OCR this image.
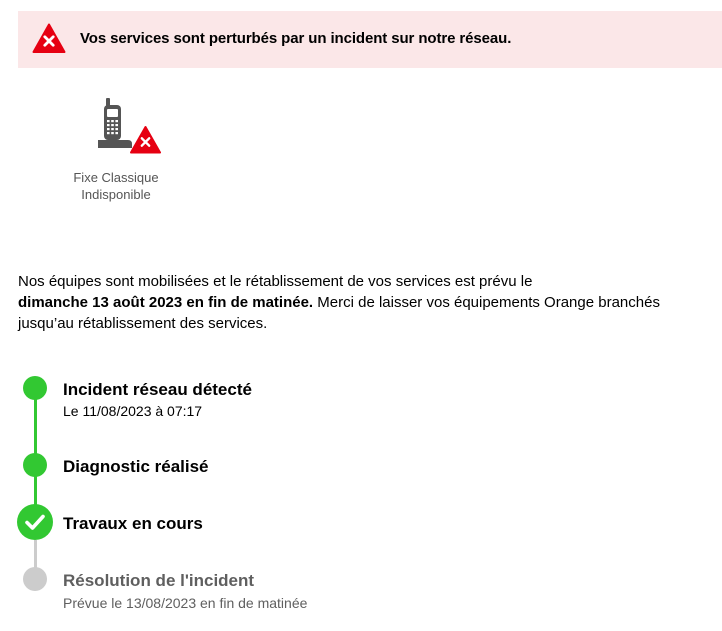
Vos services sont perturbés par un incident sur notre réseau.
Fixe Classique
Indisponible
Nos équipes sont mobilisées et le rétablissement de vos services est prévu le
dimanche 13 août 2023 en fin de matinée. Merci de laisser vos équipements Orange branchés jusqu’au rétablissement des services.
Incident réseau détecté
Le 11/08/2023 à 07:17
Diagnostic réalisé
Travaux en cours
Résolution de l'incident
Prévue le 13/08/2023 en fin de matinée
